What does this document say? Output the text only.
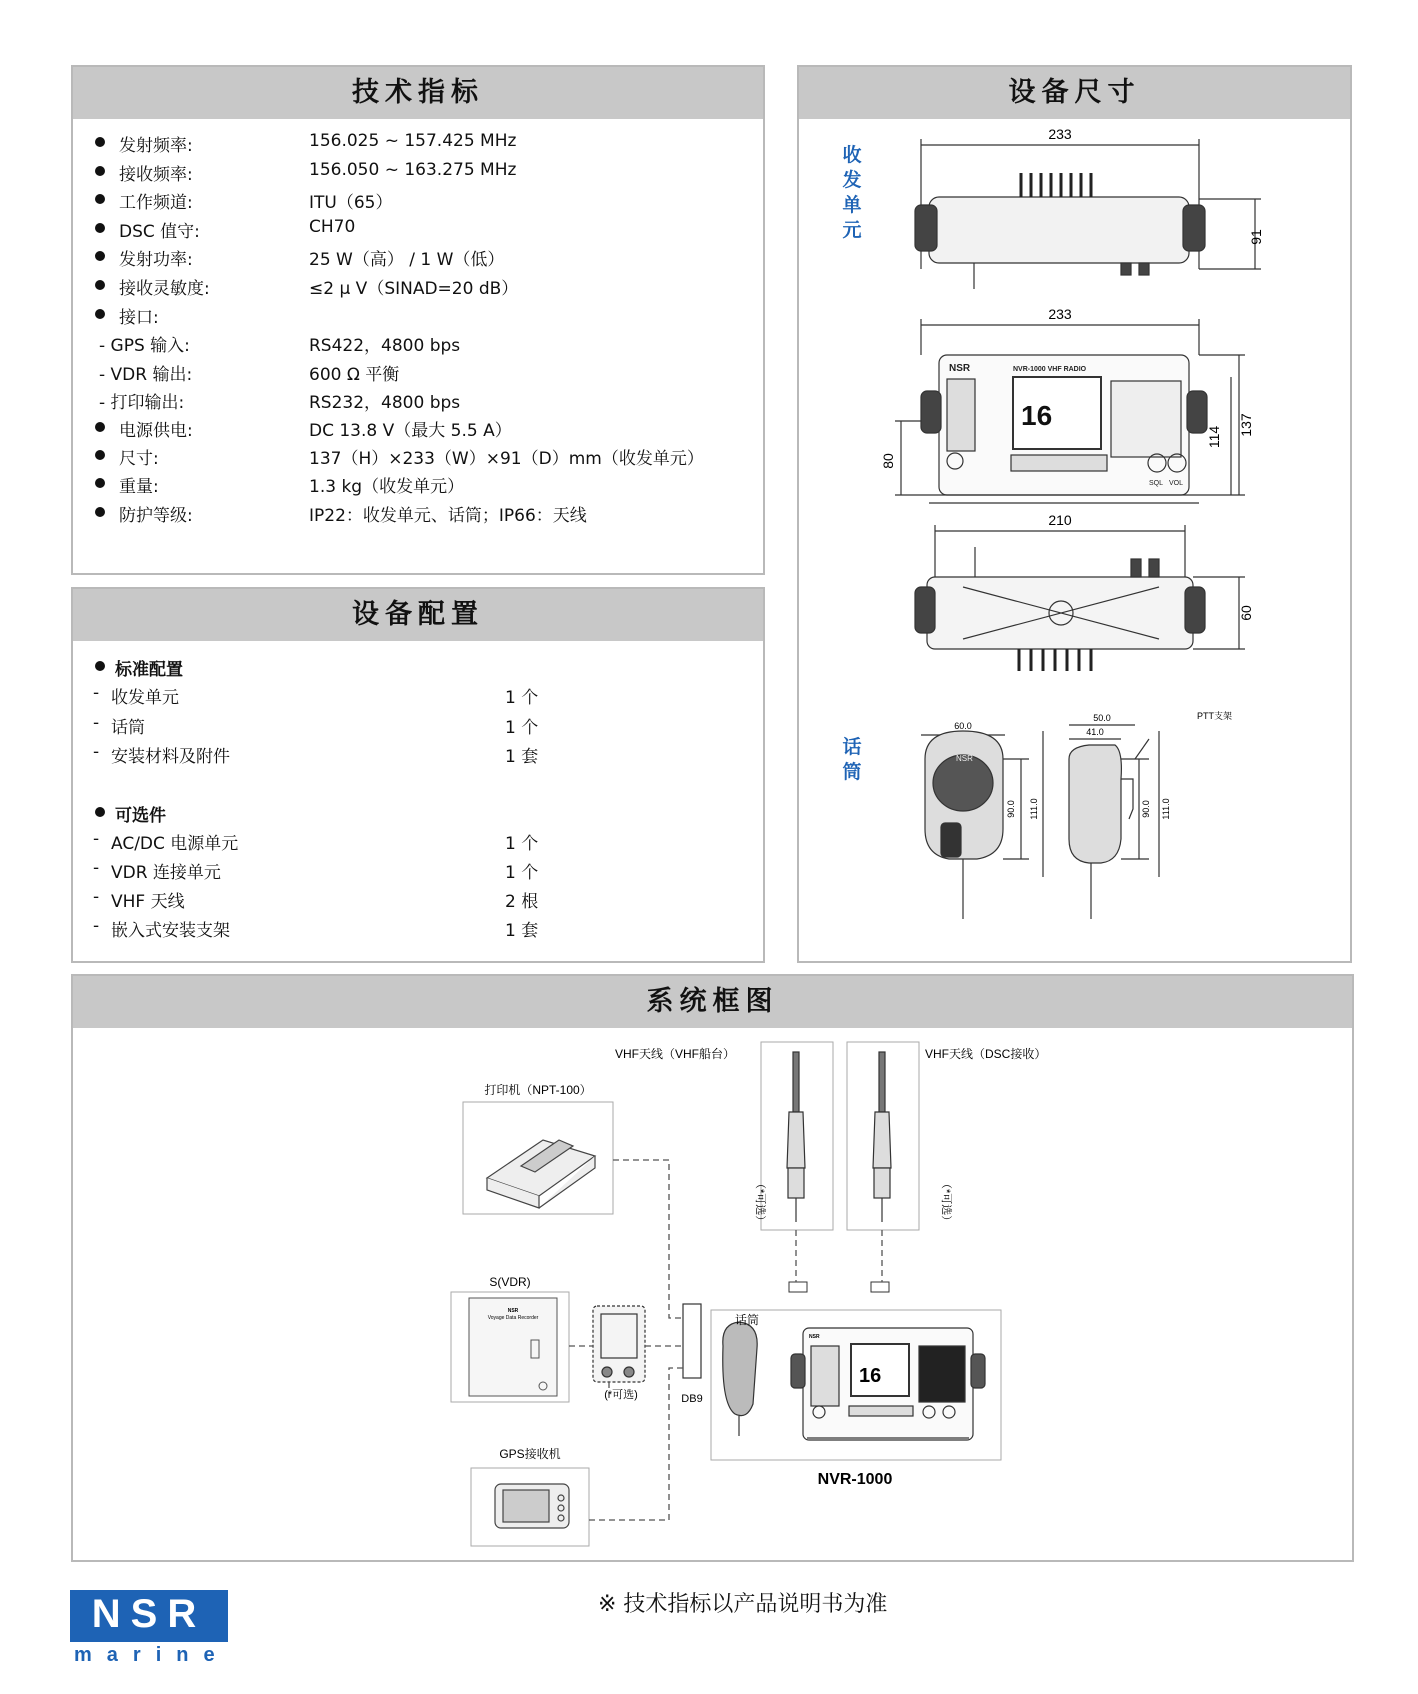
技术指标
发射频率:	156.025 ~ 157.425 MHz
接收频率:	156.050 ~ 163.275 MHz
工作频道:	ITU（65）
DSC 值守:	CH70
发射功率:	25 W（高） / 1 W（低）
接收灵敏度:	≤2 μ V（SINAD=20 dB）
接口:
- GPS 输入:	RS422，4800 bps
- VDR 输出:	600 Ω 平衡
- 打印输出:	RS232，4800 bps
电源供电:	DC 13.8 V（最大 5.5 A）
尺寸:	137（H）×233（W）×91（D）mm（收发单元）
重量:	1.3 kg（收发单元）
防护等级:	IP22：收发单元、话筒；IP66：天线
设备配置
标准配置
- 收发单元	1 个
- 话筒	1 个
- 安装材料及附件	1 套
可选件
- AC/DC 电源单元	1 个
- VDR 连接单元	1 个
- VHF 天线	2 根
- 嵌入式安装支架	1 套
设备尺寸
收
发
单
元
话
筒
NSR	NVR-1000 VHF RADIO
16
SQL VOL
NSR
233
91
233
114
137
80
210
60
60.0
90.0 111.0
50.0
41.0
90.0 111.0
PTT支架
系统框图
VHF天线（VHF船台）	VHF天线（DSC接收）
（*可选）	（*可选）
打印机（NPT-100）
S(VDR)
NSR
Voyage Data Recorder
(*可选)
GPS接收机
DB9
话筒
NVR-1000
NSR
16
※ 技术指标以产品说明书为准
NSR
marine
